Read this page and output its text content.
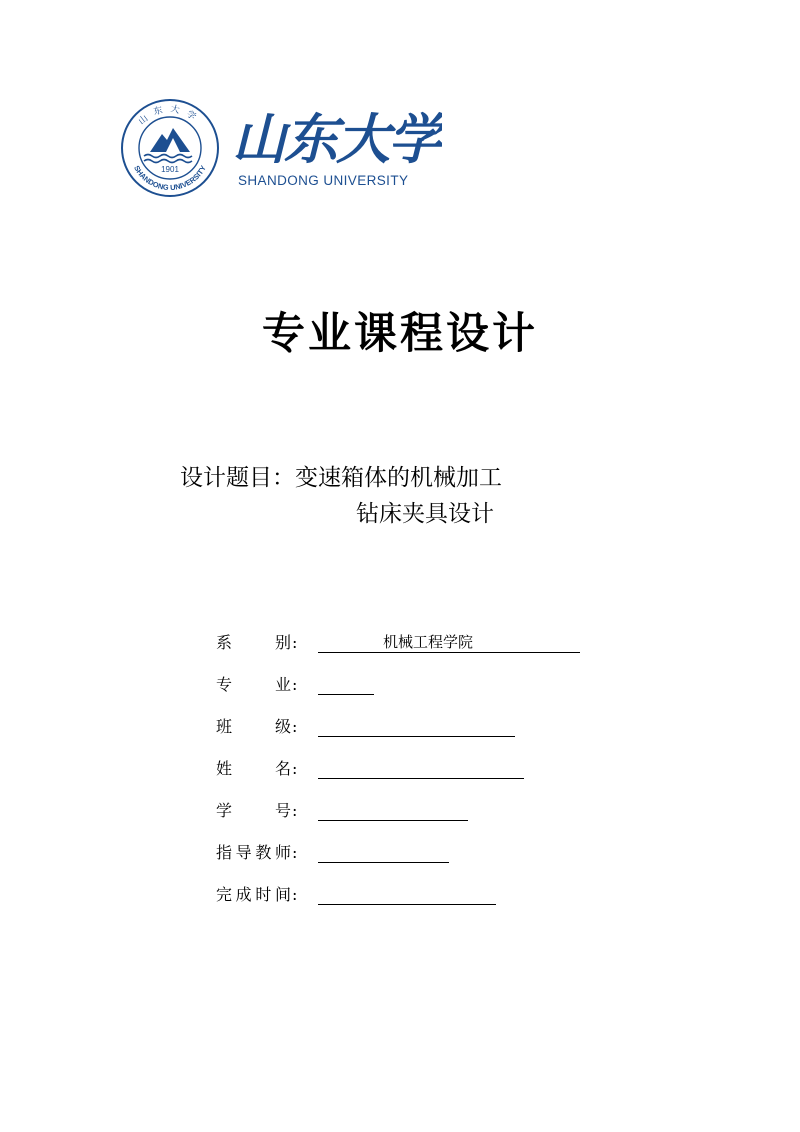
山东大学
SHANDONG UNIVERSITY
1901 山东大学
SHANDONG UNIVERSITY
专业课程设计
设计题目：变速箱体的机械加工
钻床夹具设计
系　　别 :	机械工程学院
专　　业 :
班　　级 :
姓　　名 :
学　　号 :
指导教师 :
完成时间 :
